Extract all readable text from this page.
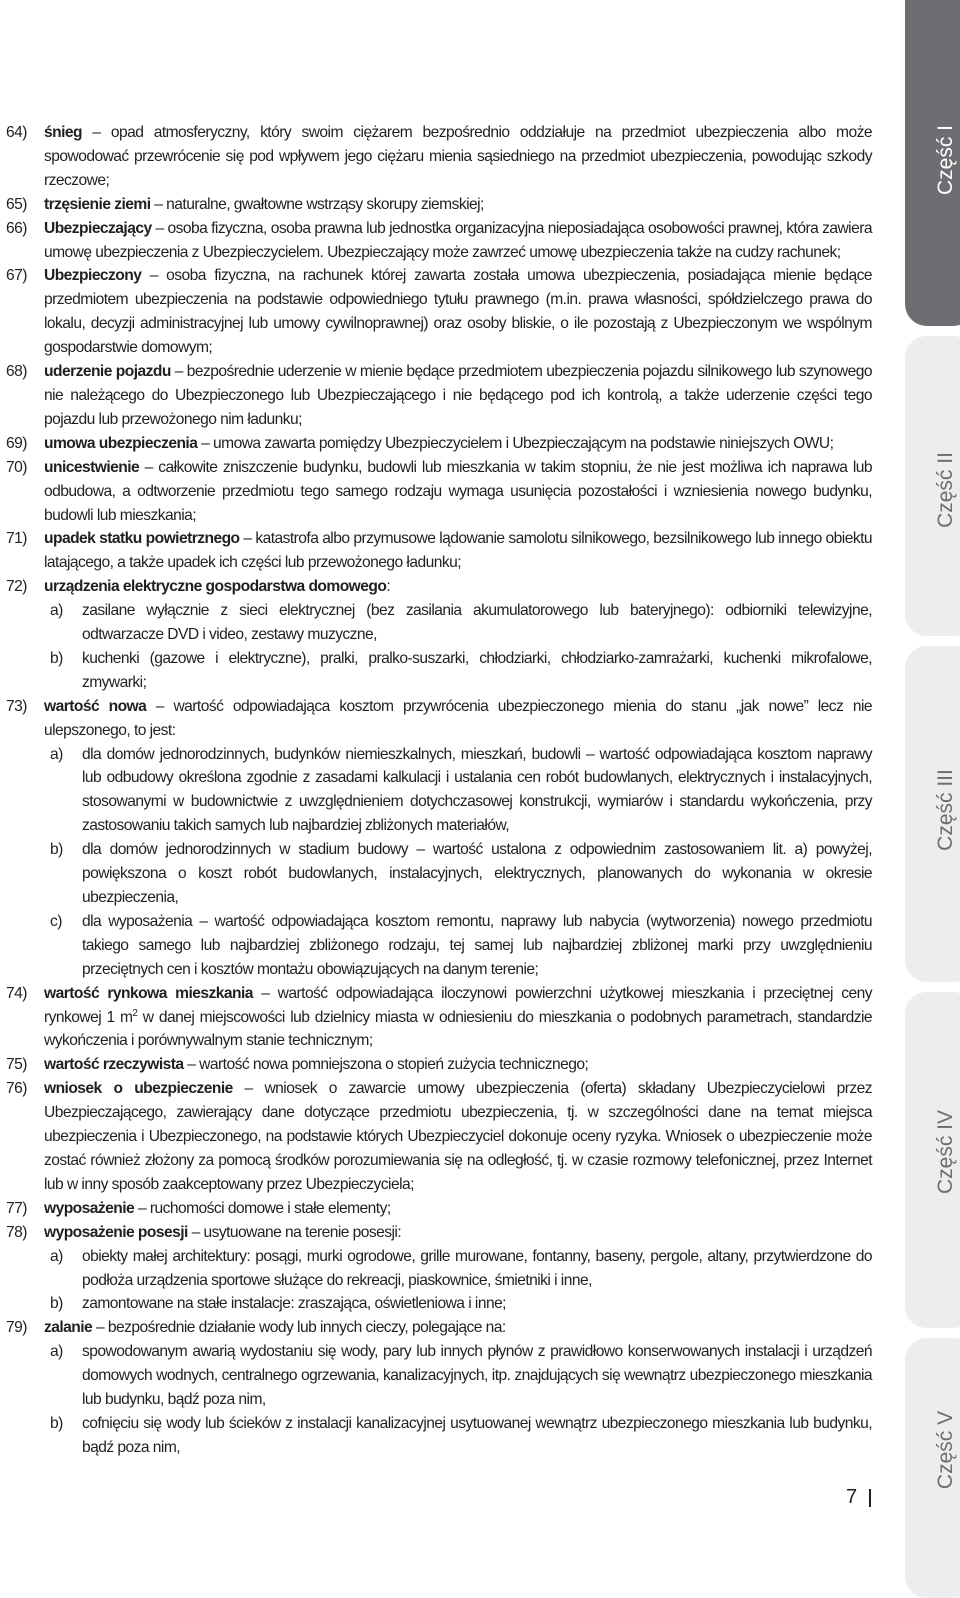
Część I
Część II
Część III
Część IV
Część V
64) śnieg – opad atmosferyczny, który swoim ciężarem bezpośrednio oddziałuje na przedmiot ubezpieczenia albo może spowodować przewrócenie się pod wpływem jego ciężaru mienia sąsiedniego na przedmiot ubezpieczenia, powodując szkody rzeczowe;
65) trzęsienie ziemi – naturalne, gwałtowne wstrząsy skorupy ziemskiej;
66) Ubezpieczający – osoba fizyczna, osoba prawna lub jednostka organizacyjna nieposiadająca osobowości prawnej, która zawiera umowę ubezpieczenia z Ubezpieczycielem. Ubezpieczający może zawrzeć umowę ubezpieczenia także na cudzy rachunek;
67) Ubezpieczony – osoba fizyczna, na rachunek której zawarta została umowa ubezpieczenia, posiadająca mienie będące przedmiotem ubezpieczenia na podstawie odpowiedniego tytułu prawnego (m.in. prawa własności, spółdzielczego prawa do lokalu, decyzji administracyjnej lub umowy cywilnoprawnej) oraz osoby bliskie, o ile pozostają z Ubezpieczonym we wspólnym gospodarstwie domowym;
68) uderzenie pojazdu – bezpośrednie uderzenie w mienie będące przedmiotem ubezpieczenia pojazdu silnikowego lub szynowego nie należącego do Ubezpieczonego lub Ubezpieczającego i nie będącego pod ich kontrolą, a także uderzenie części tego pojazdu lub przewożonego nim ładunku;
69) umowa ubezpieczenia – umowa zawarta pomiędzy Ubezpieczycielem i Ubezpieczającym na podstawie niniejszych OWU;
70) unicestwienie – całkowite zniszczenie budynku, budowli lub mieszkania w takim stopniu, że nie jest możliwa ich naprawa lub odbudowa, a odtworzenie przedmiotu tego samego rodzaju wymaga usunięcia pozostałości i wzniesienia nowego budynku, budowli lub mieszkania;
71) upadek statku powietrznego – katastrofa albo przymusowe lądowanie samolotu silnikowego, bezsilnikowego lub innego obiektu latającego, a także upadek ich części lub przewożonego ładunku;
72) urządzenia elektryczne gospodarstwa domowego:
a) zasilane wyłącznie z sieci elektrycznej (bez zasilania akumulatorowego lub bateryjnego): odbiorniki telewizyjne, odtwarzacze DVD i video, zestawy muzyczne,
b) kuchenki (gazowe i elektryczne), pralki, pralko-suszarki, chłodziarki, chłodziarko-zamrażarki, kuchenki mikrofalowe, zmywarki;
73) wartość nowa – wartość odpowiadająca kosztom przywrócenia ubezpieczonego mienia do stanu „jak nowe” lecz nie ulepszonego, to jest:
a) dla domów jednorodzinnych, budynków niemieszkalnych, mieszkań, budowli – wartość odpowiadająca kosztom naprawy lub odbudowy określona zgodnie z zasadami kalkulacji i ustalania cen robót budowlanych, elektrycznych i instalacyjnych, stosowanymi w budownictwie z uwzględnieniem dotychczasowej konstrukcji, wymiarów i standardu wykończenia, przy zastosowaniu takich samych lub najbardziej zbliżonych materiałów,
b) dla domów jednorodzinnych w stadium budowy – wartość ustalona z odpowiednim zastosowaniem lit. a) powyżej, powiększona o koszt robót budowlanych, instalacyjnych, elektrycznych, planowanych do wykonania w okresie ubezpieczenia,
c) dla wyposażenia – wartość odpowiadająca kosztom remontu, naprawy lub nabycia (wytworzenia) nowego przedmiotu takiego samego lub najbardziej zbliżonego rodzaju, tej samej lub najbardziej zbliżonej marki przy uwzględnieniu przeciętnych cen i kosztów montażu obowiązujących na danym terenie;
74) wartość rynkowa mieszkania – wartość odpowiadająca iloczynowi powierzchni użytkowej mieszkania i przeciętnej ceny rynkowej 1 $m^2$ w danej miejscowości lub dzielnicy miasta w odniesieniu do mieszkania o podobnych parametrach, standardzie wykończenia i porównywalnym stanie technicznym;
75) wartość rzeczywista – wartość nowa pomniejszona o stopień zużycia technicznego;
76) wniosek o ubezpieczenie – wniosek o zawarcie umowy ubezpieczenia (oferta) składany Ubezpieczycielowi przez Ubezpieczającego, zawierający dane dotyczące przedmiotu ubezpieczenia, tj. w szczególności dane na temat miejsca ubezpieczenia i Ubezpieczonego, na podstawie których Ubezpieczyciel dokonuje oceny ryzyka. Wniosek o ubezpieczenie może zostać również złożony za pomocą środków porozumiewania się na odległość, tj. w czasie rozmowy telefonicznej, przez Internet lub w inny sposób zaakceptowany przez Ubezpieczyciela;
77) wyposażenie – ruchomości domowe i stałe elementy;
78) wyposażenie posesji – usytuowane na terenie posesji:
a) obiekty małej architektury: posągi, murki ogrodowe, grille murowane, fontanny, baseny, pergole, altany, przytwierdzone do podłoża urządzenia sportowe służące do rekreacji, piaskownice, śmietniki i inne,
b) zamontowane na stałe instalacje: zraszająca, oświetleniowa i inne;
79) zalanie – bezpośrednie działanie wody lub innych cieczy, polegające na:
a) spowodowanym awarią wydostaniu się wody, pary lub innych płynów z prawidłowo konserwowanych instalacji i urządzeń domowych wodnych, centralnego ogrzewania, kanalizacyjnych, itp. znajdujących się wewnątrz ubezpieczonego mieszkania lub budynku, bądź poza nim,
b) cofnięciu się wody lub ścieków z instalacji kanalizacyjnej usytuowanej wewnątrz ubezpieczonego mieszkania lub budynku, bądź poza nim,
7
